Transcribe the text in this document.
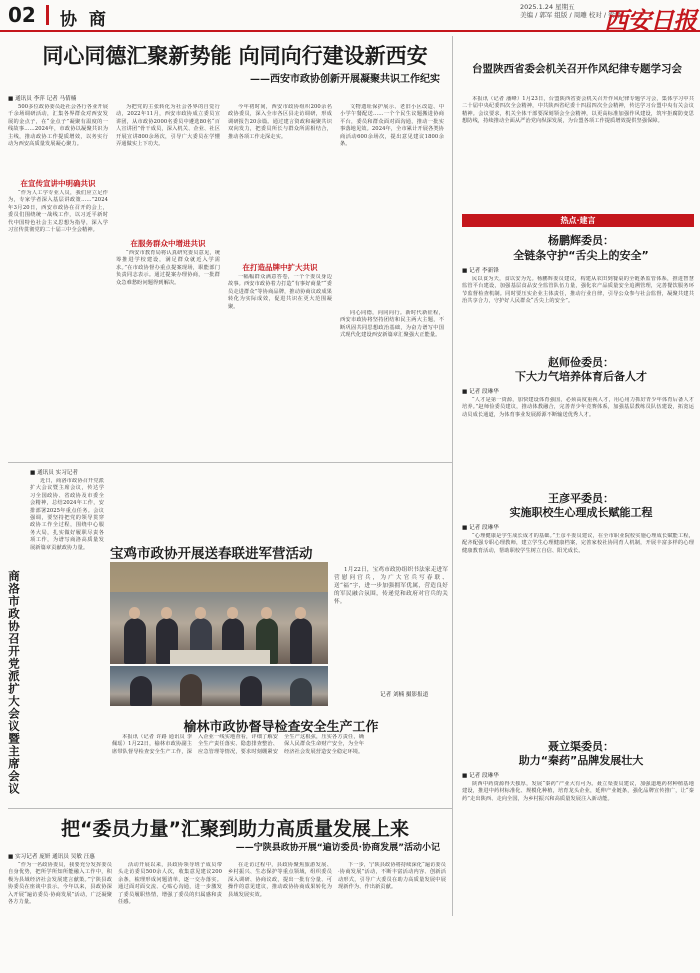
02 协 商
2025.1.24 星期五
美编 / 郭军 组版 / 周雕 校对 / 梁静
西安日报
同心同德汇聚新势能 向同向行建设新西安
——西安市政协创新开展凝聚共识工作纪实
■ 通讯员 李萍 记者 马倩楠

500多位政协委员赴社会各行各业开展千余场调研活动，汇集各界群众对西安发展的金点子，在“金点子”凝聚有温度的一线故事……2024年，市政协以凝聚共识为主线，推动政协工作提质增效，以务实行动为西安高质量发展凝心聚力。

在宣传宣讲中明确共识

“作为人工学专业人员，我们应立足作为，专家学者深入基层讲政策……”2024年3月20日，西安市政协在召开的会上，委员们围绕统一战线工作，以习近平新时代中国特色社会主义思想为指导，深入学习宣传贯彻党的二十届三中全会精神。

为把党的主张转化为社会各界的自觉行动，2022年11月，西安市政协成立委员宣讲团，从市政协2000名委员中遴选80名“百人宣讲团”骨干成员，深入机关、企业、社区开展宣讲800余场次，引导广大委员在学懂弄通做实上下功夫。

在服务群众中增进共识

“西安市教育局将认真研究委员意见，统筹推进学校建设，满足群众就近入学需求。”在市政协督办重点提案现场，职能部门负责同志表示。通过提案办理协商，一批群众急难愁盼问题得到解决。

今年初时间，西安市政协组织200余名政协委员，深入全市各区县走访调研，形成调研报告20余篇。通过建言资政和凝聚共识双向发力，把委员所长与群众所需相结合，推动各项工作走深走实。

在打造品牌中扩大共识

一幅幅群众满意答卷，一个个委员身边故事。西安市政协着力打造“有事好商量”“委员走进群众”等协商品牌，推动协商议政成果转化为实际成效，促进共识在更大范围凝聚。

文物遗址保护展示、老旧小区改造、中小学午餐配送……一个个民生议题搬进协商平台，委员和群众面对面沟通，推动一批实事落地见效。2024年，全市累计开展各类协商活动600余场次，提出意见建议1800余条。

同心同德，向同向行。新时代新征程，西安市政协将坚持团结和民主两大主题，不断巩固共同思想政治基础，为奋力谱写中国式现代化建设西安新篇章汇聚强大正能量。

台盟陕西省委会机关召开作风纪律专题学习会

本报讯（记者 潘峰）1月23日，台盟陕西省委会机关召开作风纪律专题学习会，集体学习中共二十届中央纪委四次全会精神，中共陕西省纪委十四届四次全会精神，传达学习台盟中央有关会议精神。会议要求，机关全体干部要深刻领会全会精神，以更高标准加强作风建设，筑牢拒腐防变思想防线，持续推动全面从严治党向纵深发展，为台盟各项工作提质增效提供坚强保障。

热点·建言
杨鹏辉委员：
全链条守护“舌尖上的安全”
■ 记者 李新锋

民以食为天，食以安为先。杨鹏辉委员建议，构建从农田到餐桌的全链条监管体系，推进智慧监管平台建设，加强基层食品安全监管队伍力量，强化农产品质量安全追溯管理，完善餐饮服务环节监督检查机制。同时要压实企业主体责任，推动行业自律，引导公众参与社会监督，凝聚共建共治共享合力，守护好人民群众“舌尖上的安全”。

赵师俭委员：
下大力气培养体育后备人才
■ 记者 段琳华

“人才是第一资源，加快建设体育强国，必须高度重视人才，用心用力抓好青少年体育后备人才培养。”赵师俭委员建议，推动体教融合，完善青少年竞赛体系，加强基层教练员队伍建设，拓宽运动员成长通道，为体育事业发展源源不断输送优秀人才。

王彦平委员：
实施职校生心理成长赋能工程
■ 记者 段琳华

“心理健康是学生成长成才的基础。”王彦平委员建议，在全市职业院校实施心理成长赋能工程，配齐配强专职心理教师，建立学生心理健康档案，完善家校社协同育人机制，开展丰富多样的心理健康教育活动，帮助职校学生树立自信、阳光成长。

聂立渠委员：
助力“秦药”品牌发展壮大
■ 记者 段琳华

陕西中药资源得天独厚，发展“秦药”产业大有可为。聂立渠委员建议，加强道地药材种植基地建设，推进中药材标准化、规模化种植，培育龙头企业，延伸产业链条，强化品牌宣传推广，让“秦药”走出陕西、走向全国，为乡村振兴和高质量发展注入新动能。

商洛市政协召开党派扩大会议暨主席会议
■ 通讯员 实习记者

近日，商洛市政协召开党派扩大会议暨主席会议，传达学习全国政协、省政协及市委全会精神，总结2024年工作，安排部署2025年重点任务。会议强调，要坚持把党的领导贯穿政协工作全过程，围绕中心服务大局，扎实做好履职尽责各项工作，为谱写商洛高质量发展新篇章贡献政协力量。	宝鸡市政协开展送春联进军营活动

1月22日，宝鸡市政协组织书法家走进军营慰问官兵，为广大官兵写春联、送“福”字，进一步加强拥军优属，营造良好的军民融合氛围，传递党和政府对官兵的关怀。

记者 刘楠 摄影报道
榆林市政协督导检查安全生产工作

本报讯（记者 许路 通讯员 李佩瑶）1月22日，榆林市政协副主席带队督导检查安全生产工作，深入企业一线实地查看，详细了解安全生产责任落实、隐患排查整治、应急管理等情况，要求时刻绷紧安全生产这根弦，压实各方责任，确保人民群众生命财产安全，为全年经济社会发展营造安全稳定环境。

把“委员力量”汇聚到助力高质量发展上来
——宁陕县政协开展“遍访委员·协商发展”活动小记
■ 实习记者 庞妍 通讯员 吴敏 汪惠

“作为一名政协委员，我要充分发挥委员自身优势，把所学所知所能融入工作中，积极为县域经济社会发展建言献策。”宁陕县政协委员在座谈中表示。今年以来，县政协深入开展“遍访委员·协商发展”活动，广泛凝聚各方力量。

活动开展以来，县政协领导班子成员带头走访委员500余人次，收集意见建议200余条，梳理形成问题清单，逐一交办落实。通过面对面交流、心贴心沟通，进一步激发了委员履职热情，增强了委员的归属感和责任感。

在走访过程中，县政协聚焦旅游发展、乡村振兴、生态保护等重点领域，组织委员深入调研、协商议政，提出一批有分量、可操作的意见建议，推动政协协商成果转化为县域发展实效。

下一步，宁陕县政协将持续深化“遍访委员·协商发展”活动，不断丰富活动内容、创新活动形式，引导广大委员在助力高质量发展中展现新作为、作出新贡献。
